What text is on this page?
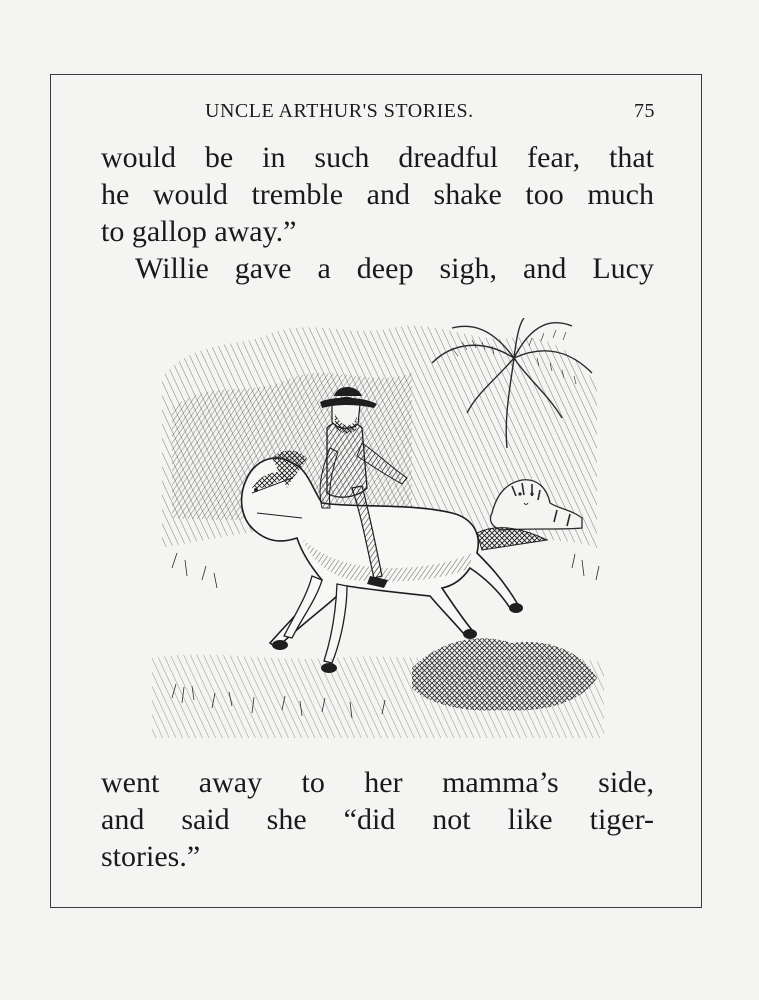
UNCLE ARTHUR'S STORIES.	75
would be in such dreadful fear, that
he would tremble and shake too much
to gallop away.”
Willie gave a deep sigh, and Lucy
went away to her mamma’s side,
and said she “did not like tiger-
stories.”
